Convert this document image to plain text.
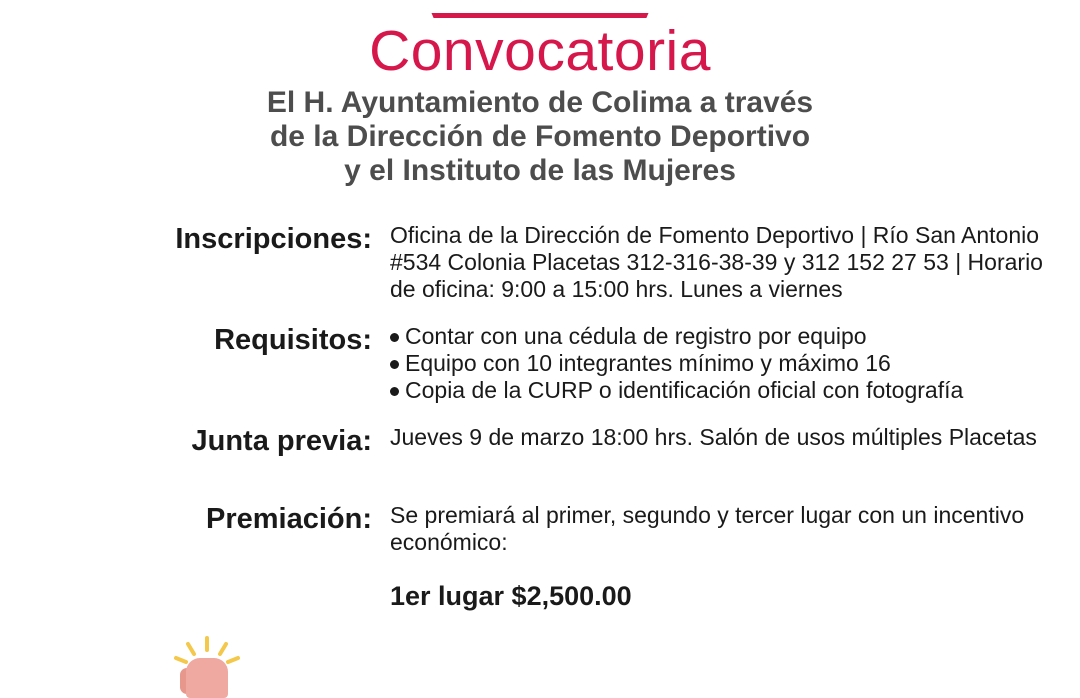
Convocatoria
El H. Ayuntamiento de Colima a través
de la Dirección de Fomento Deportivo
y el Instituto de las Mujeres
Inscripciones: Oficina de la Dirección de Fomento Deportivo | Río San Antonio #534 Colonia Placetas 312-316-38-39 y 312 152 27 53 | Horario de oficina: 9:00 a 15:00 hrs. Lunes a viernes

Requisitos:	Contar con una cédula de registro por equipo
Equipo con 10 integrantes mínimo y máximo 16
Copia de la CURP o identificación oficial con fotografía
Junta previa: Jueves 9 de marzo 18:00 hrs. Salón de usos múltiples Placetas

Premiación: Se premiará al primer, segundo y tercer lugar con un incentivo económico:

1er lugar $2,500.00
